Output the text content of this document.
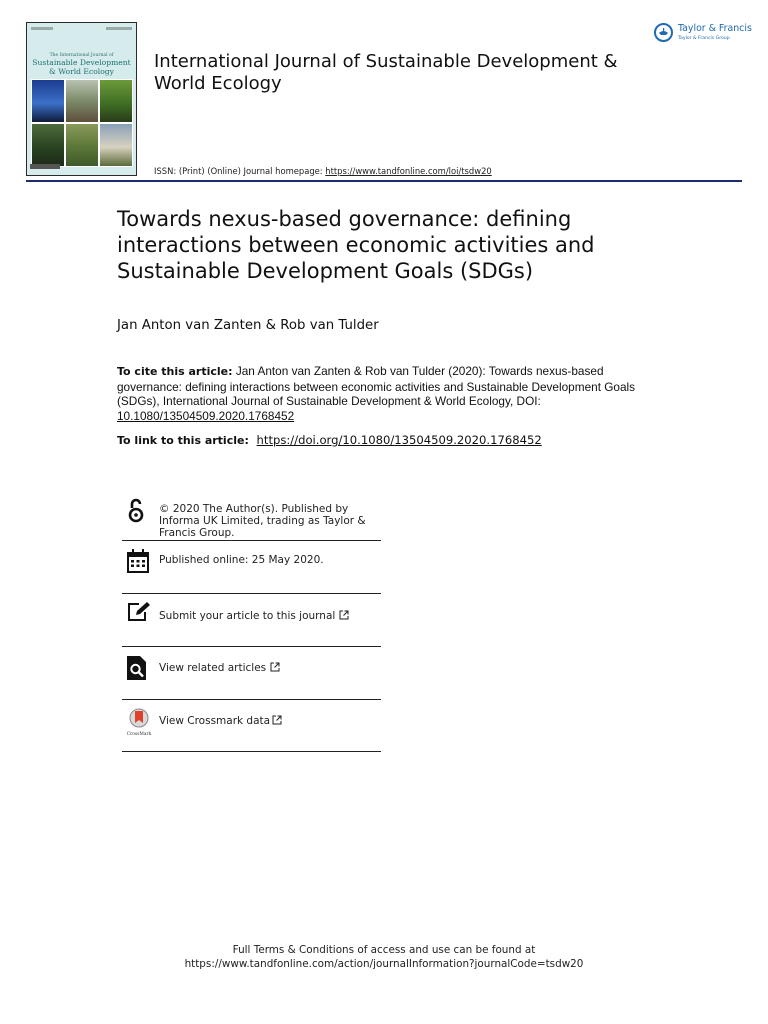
The International Journal of
Sustainable Development
& World Ecology	International Journal of Sustainable Development & World Ecology
ISSN: (Print) (Online) Journal homepage: https://www.tandfonline.com/loi/tsdw20
Taylor & Francis
Taylor & Francis Group
Towards nexus-based governance: defining interactions between economic activities and Sustainable Development Goals (SDGs)
Jan Anton van Zanten & Rob van Tulder
To cite this article: Jan Anton van Zanten & Rob van Tulder (2020): Towards nexus-based governance: defining interactions between economic activities and Sustainable Development Goals (SDGs), International Journal of Sustainable Development & World Ecology, DOI: 10.1080/13504509.2020.1768452
To link to this article: https://doi.org/10.1080/13504509.2020.1768452
© 2020 The Author(s). Published by Informa UK Limited, trading as Taylor & Francis Group.
Published online: 25 May 2020.
Submit your article to this journal
View related articles
CrossMark
View Crossmark data
Full Terms & Conditions of access and use can be found at
https://www.tandfonline.com/action/journalInformation?journalCode=tsdw20
